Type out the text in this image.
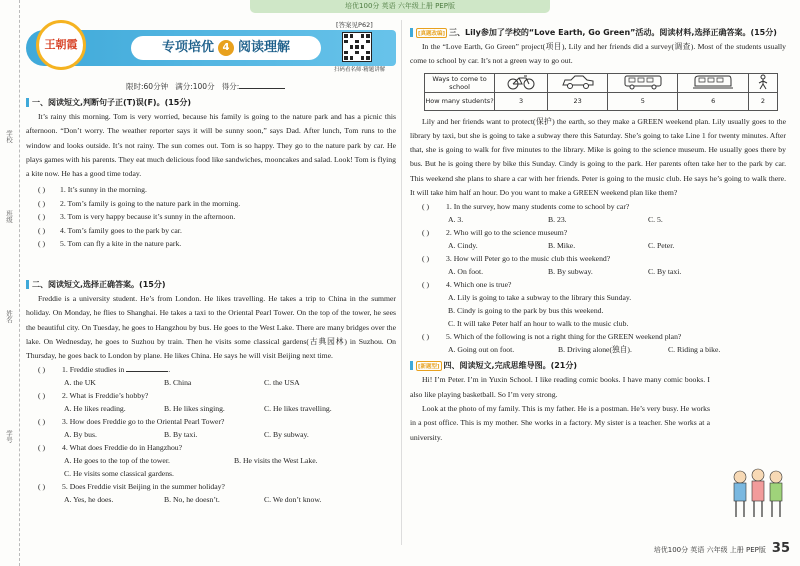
培优100分 英语 六年级上册 PEP版
学校
班级
姓名
学号
王朝霞	专项培优 4 阅读理解
[答案见P62]
扫码看名师·精题讲解
限时:60分钟 满分:100分 得分:
一、阅读短文,判断句子正(T)误(F)。(15分)

It’s rainy this morning. Tom is very worried, because his family is going to the nature park and has a picnic this afternoon. “Don’t worry. The weather reporter says it will be sunny soon,” says Dad. After lunch, Tom runs to the window and looks outside. It’s not rainy. The sun comes out. Tom is so happy. They go to the nature park by car. He plays games with his parents. They eat much delicious food like sandwiches, mooncakes and salad. Look! Tom is flying a kite now. He has a good time today.

( ) 1. It’s sunny in the morning.
( ) 2. Tom’s family is going to the nature park in the morning.
( ) 3. Tom is very happy because it’s sunny in the afternoon.
( ) 4. Tom’s family goes to the park by car.
( ) 5. Tom can fly a kite in the nature park.
二、阅读短文,选择正确答案。(15分)

Freddie is a university student. He’s from London. He likes travelling. He takes a trip to China in the summer holiday. On Monday, he flies to Shanghai. He takes a taxi to the Oriental Pearl Tower. On the top of the tower, he sees the beautiful city. On Tuesday, he goes to Hangzhou by bus. He goes to the West Lake. There are many bridges over the lake. On Wednesday, he goes to Suzhou by train. Then he visits some classical gardens(古典园林) in Suzhou. On Thursday, he goes back to London by plane. He likes China. He says he will visit Beijing next time.

( ) 1. Freddie studies in	.
A. the UK	B. China	C. the USA
( ) 2. What is Freddie’s hobby?
A. He likes reading.	B. He likes singing.	C. He likes travelling.
( ) 3. How does Freddie go to the Oriental Pearl Tower?
A. By bus.	B. By taxi.	C. By subway.
( ) 4. What does Freddie do in Hangzhou?
A. He goes to the top of the tower.	B. He visits the West Lake.
C. He visits some classical gardens.
( ) 5. Does Freddie visit Beijing in the summer holiday?
A. Yes, he does.	B. No, he doesn’t.	C. We don’t know.
[真题改编] 三、Lily参加了学校的“Love Earth, Go Green”活动。阅读材料,选择正确答案。(15分)

In the “Love Earth, Go Green” project(项目), Lily and her friends did a survey(调查). Most of the students usually come to school by car. It’s not a green way to go out.

Ways to come to school					
How many students?	3	23	5	6	2

Lily and her friends want to protect(保护) the earth, so they make a GREEN weekend plan. Lily usually goes to the library by taxi, but she is going to take a subway there this Saturday. She’s going to take Line 1 for twenty minutes. After that, she is going to walk for five minutes to the library. Mike is going to the science museum. He usually goes there by bus. But he is going there by bike this Sunday. Cindy is going to the park. Her parents often take her to the park by car. This weekend she plans to share a car with her friends. Peter is going to the music club. He says he’s going to walk there. It will take him half an hour. Do you want to make a GREEN weekend plan like them?

( ) 1. In the survey, how many students come to school by car?
A. 3.	B. 23.	C. 5.
( ) 2. Who will go to the science museum?
A. Cindy.	B. Mike.	C. Peter.
( ) 3. How will Peter go to the music club this weekend?
A. On foot.	B. By subway.	C. By taxi.
( ) 4. Which one is true?
A. Lily is going to take a subway to the library this Sunday.
B. Cindy is going to the park by bus this weekend.
C. It will take Peter half an hour to walk to the music club.
( ) 5. Which of the following is not a right thing for the GREEN weekend plan?
A. Going out on foot.	B. Driving alone(独自).	C. Riding a bike.
[新题型] 四、阅读短文,完成思维导图。(21分)

Hi! I’m Peter. I’m in Yuxin School. I like reading comic books. I have many comic books. I also like playing basketball. So I’m very strong.

Look at the photo of my family. This is my father. He is a postman. He’s very busy. He works in a post office. This is my mother. She works in a factory. My sister is a teacher. She works at a university.

培优100分 英语 六年级 上册 PEP版 35
